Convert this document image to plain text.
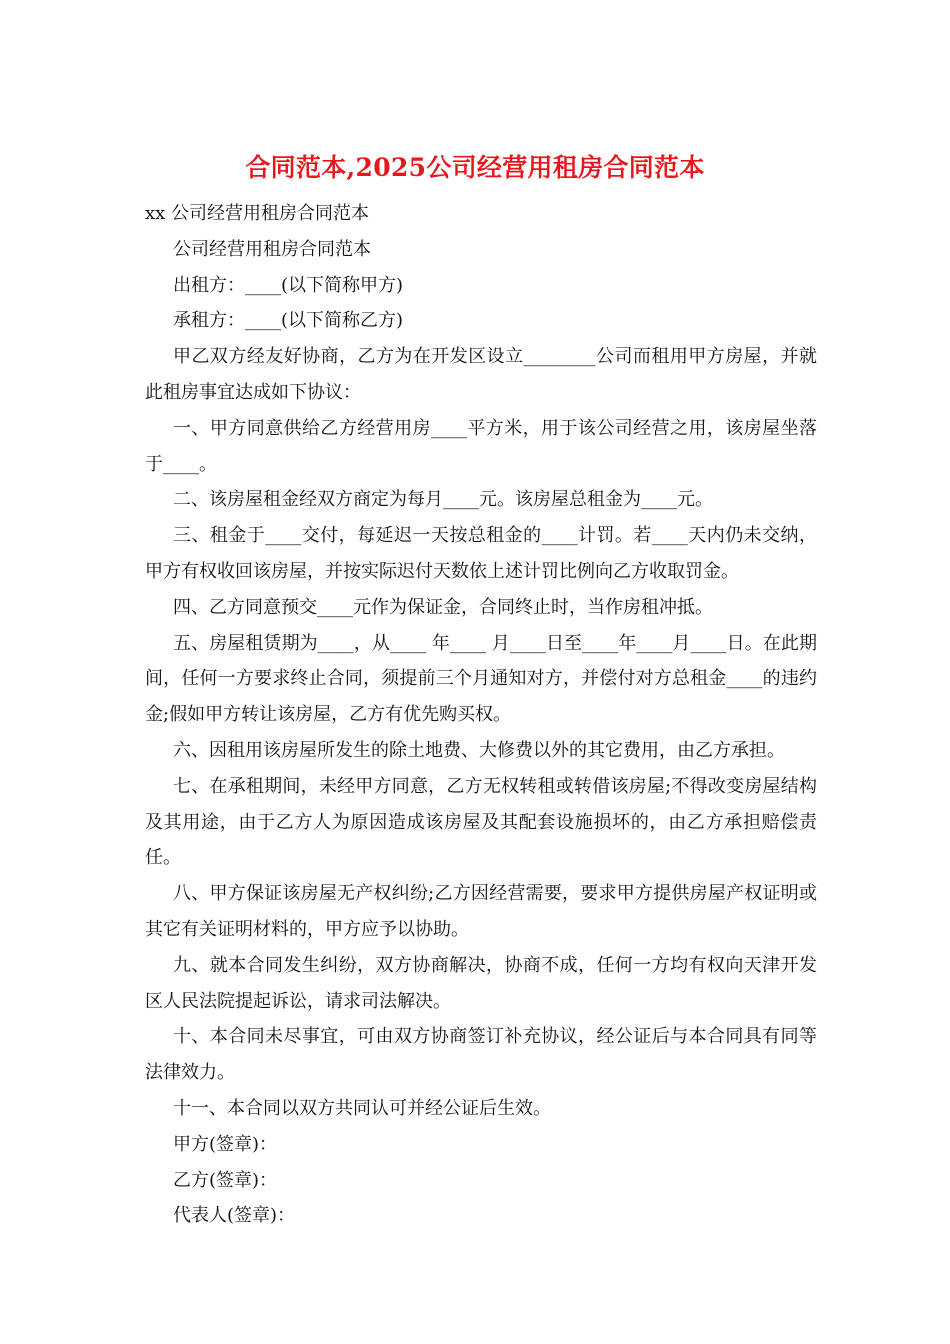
合同范本,2025公司经营用租房合同范本

xx 公司经营用租房合同范本

公司经营用租房合同范本

出租方：____(以下简称甲方)

承租方：____(以下简称乙方)

甲乙双方经友好协商，乙方为在开发区设立________公司而租用甲方房屋，并就此租房事宜达成如下协议：

一、甲方同意供给乙方经营用房____平方米，用于该公司经营之用，该房屋坐落于____。

二、该房屋租金经双方商定为每月____元。该房屋总租金为____元。

三、租金于____交付，每延迟一天按总租金的____计罚。若____天内仍未交纳，甲方有权收回该房屋，并按实际迟付天数依上述计罚比例向乙方收取罚金。

四、乙方同意预交____元作为保证金，合同终止时，当作房租冲抵。

五、房屋租赁期为____，从____ 年____ 月____日至____年____月____日。在此期间，任何一方要求终止合同，须提前三个月通知对方，并偿付对方总租金____的违约金;假如甲方转让该房屋，乙方有优先购买权。

六、因租用该房屋所发生的除土地费、大修费以外的其它费用，由乙方承担。

七、在承租期间，未经甲方同意，乙方无权转租或转借该房屋;不得改变房屋结构及其用途，由于乙方人为原因造成该房屋及其配套设施损坏的，由乙方承担赔偿责任。

八、甲方保证该房屋无产权纠纷;乙方因经营需要，要求甲方提供房屋产权证明或其它有关证明材料的，甲方应予以协助。

九、就本合同发生纠纷，双方协商解决，协商不成，任何一方均有权向天津开发区人民法院提起诉讼，请求司法解决。

十、本合同未尽事宜，可由双方协商签订补充协议，经公证后与本合同具有同等法律效力。

十一、本合同以双方共同认可并经公证后生效。

甲方(签章)：

乙方(签章)：

代表人(签章)：
